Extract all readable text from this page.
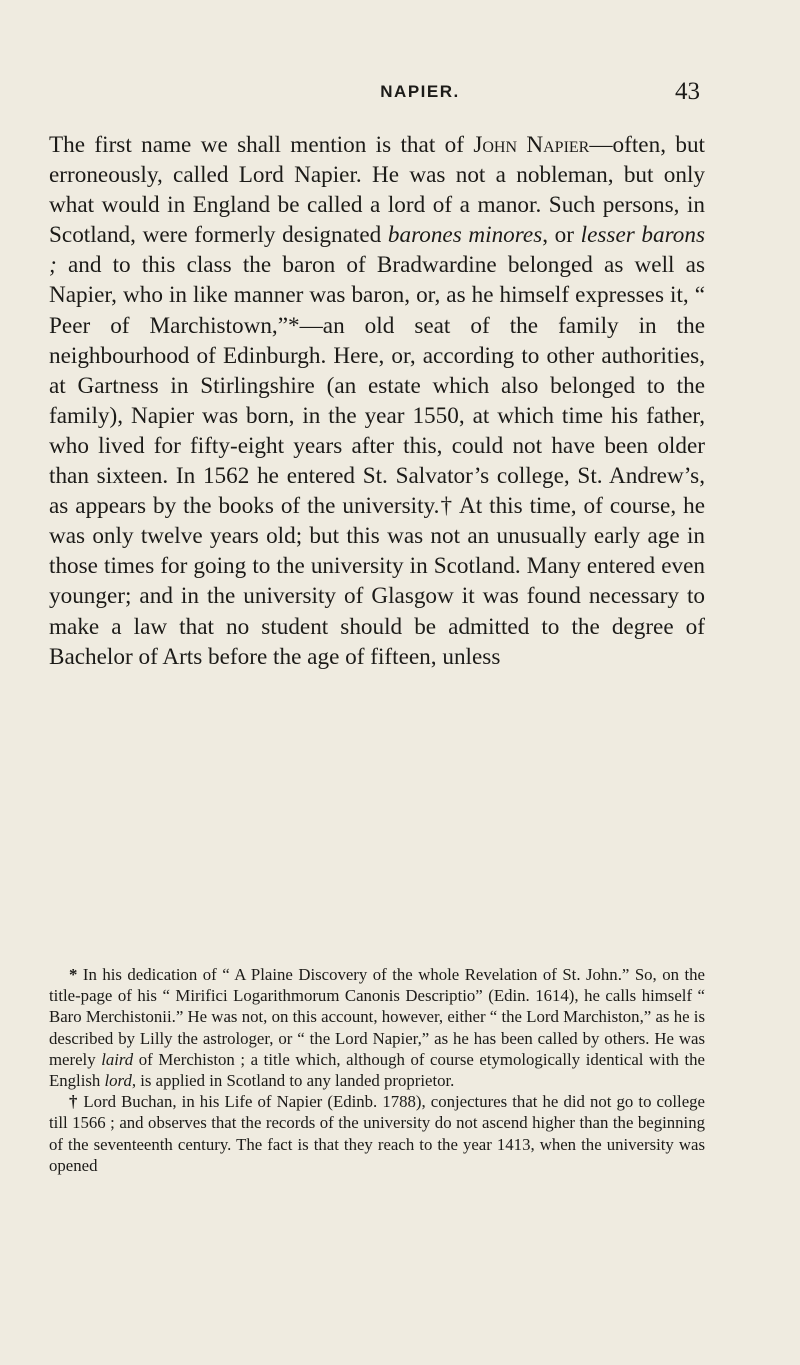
NAPIER.	43

The first name we shall mention is that of John Napier—often, but erroneously, called Lord Napier. He was not a nobleman, but only what would in England be called a lord of a manor. Such persons, in Scotland, were formerly designated barones minores, or lesser barons ; and to this class the baron of Bradwardine belonged as well as Napier, who in like manner was baron, or, as he himself expresses it, “ Peer of Marchistown,”*—an old seat of the family in the neighbourhood of Edinburgh. Here, or, according to other authorities, at Gartness in Stirlingshire (an estate which also belonged to the family), Napier was born, in the year 1550, at which time his father, who lived for fifty-eight years after this, could not have been older than sixteen. In 1562 he entered St. Salvator’s college, St. Andrew’s, as appears by the books of the university.† At this time, of course, he was only twelve years old; but this was not an unusually early age in those times for going to the university in Scotland. Many entered even younger; and in the university of Glasgow it was found necessary to make a law that no student should be admitted to the degree of Bachelor of Arts before the age of fifteen, unless

* In his dedication of “ A Plaine Discovery of the whole Revelation of St. John.” So, on the title-page of his “ Mirifici Logarithmorum Canonis Descriptio” (Edin. 1614), he calls himself “ Baro Merchistonii.” He was not, on this account, however, either “ the Lord Marchiston,” as he is described by Lilly the astrologer, or “ the Lord Napier,” as he has been called by others. He was merely laird of Merchiston ; a title which, although of course etymologically identical with the English lord, is applied in Scotland to any landed proprietor.

† Lord Buchan, in his Life of Napier (Edinb. 1788), conjectures that he did not go to college till 1566 ; and observes that the records of the university do not ascend higher than the beginning of the seventeenth century. The fact is that they reach to the year 1413, when the university was opened
